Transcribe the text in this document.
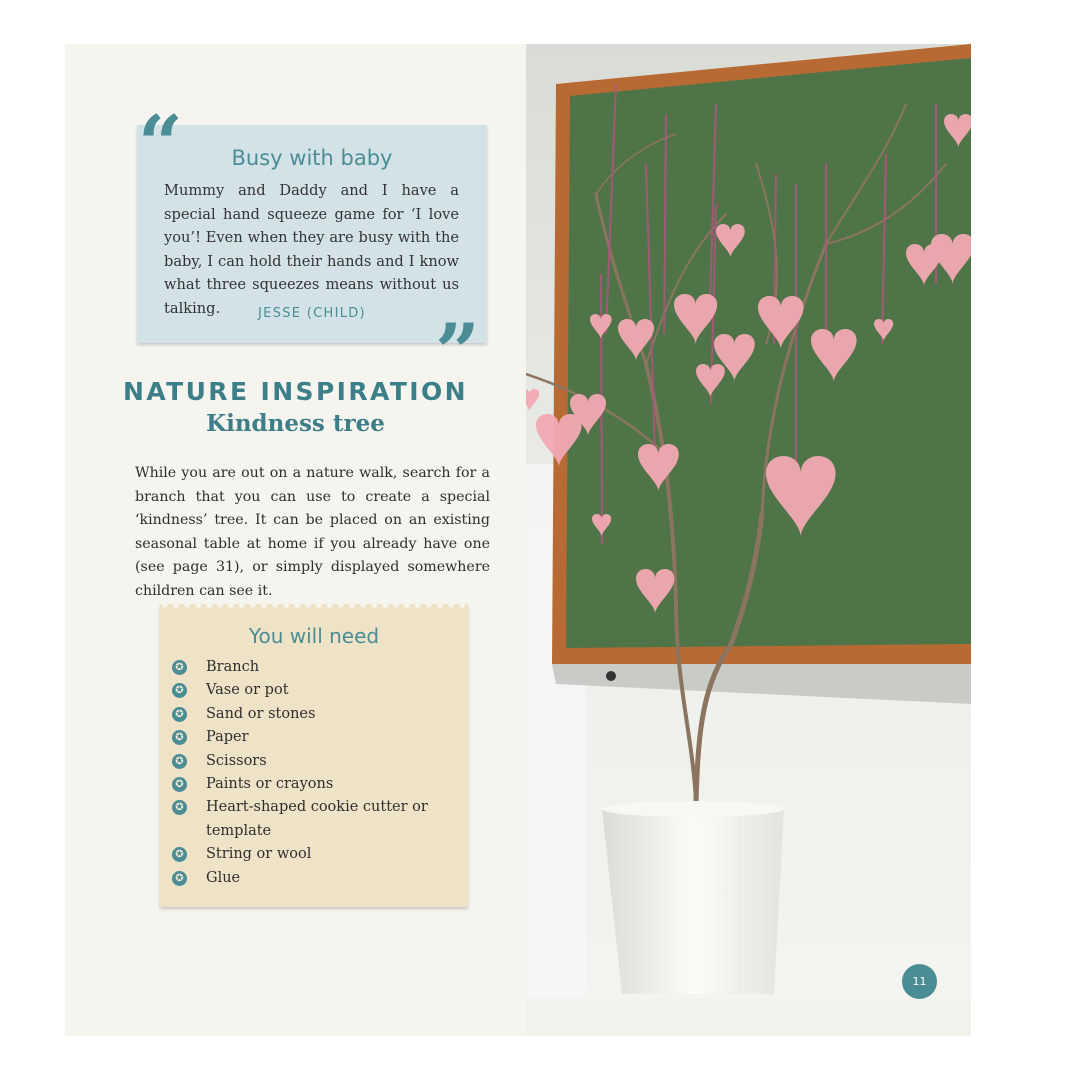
“	Busy with baby
Mummy and Daddy and I have a special hand squeeze game for ‘I love you’! Even when they are busy with the baby, I can hold their hands and I know what three squeezes means without us talking.	JESSE (CHILD) ”
NATURE INSPIRATION
Kindness tree
While you are out on a nature walk, search for a branch that you can use to create a special ‘kindness’ tree. It can be placed on an existing seasonal table at home if you already have one (see page 31), or simply displayed somewhere children can see it.
You will need
✪ Branch
✪ Vase or pot
✪ Sand or stones
✪ Paper
✪ Scissors
✪ Paints or crayons
✪ Heart-shaped cookie cutter or template
✪ String or wool
✪ Glue
11
